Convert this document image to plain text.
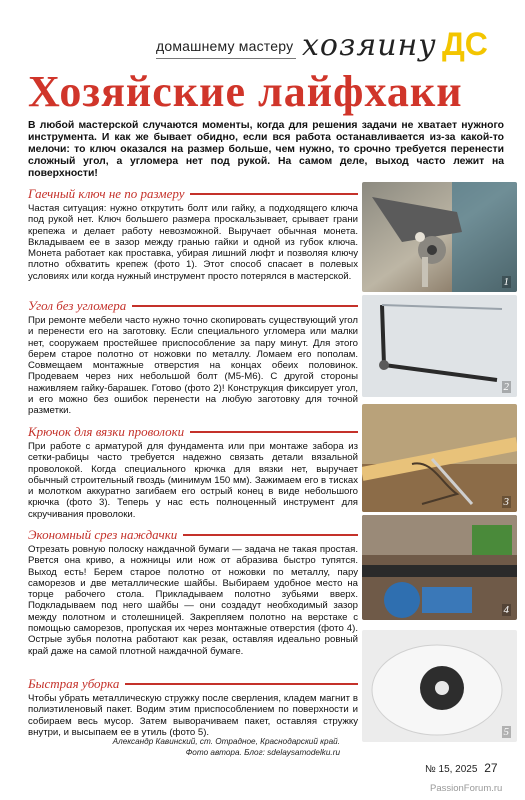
домашнему мастеру хозяину ДС
Хозяйские лайфхаки
В любой мастерской случаются моменты, когда для решения задачи не хватает нужного инструмента. И как же бывает обидно, если вся работа останавливается из-за какой-то мелочи: то ключ оказался на размер больше, чем нужно, то срочно требуется перенести сложный угол, а угломера нет под рукой. На самом деле, выход часто лежит на поверхности!
Гаечный ключ не по размеру

Частая ситуация: нужно открутить болт или гайку, а подходящего ключа под рукой нет. Ключ большего размера проскальзывает, срывает грани крепежа и делает работу невозможной. Выручает обычная монета. Вкладываем ее в зазор между гранью гайки и одной из губок ключа. Монета работает как проставка, убирая лишний люфт и позволяя ключу плотно обхватить крепеж (фото 1). Этот способ спасает в полевых условиях или когда нужный инструмент просто потерялся в мастерской.	1
Угол без угломера

При ремонте мебели часто нужно точно скопировать существующий угол и перенести его на заготовку. Если специального угломера или малки нет, сооружаем простейшее приспособление за пару минут. Для этого берем старое полотно от ножовки по металлу. Ломаем его пополам. Совмещаем монтажные отверстия на концах обеих половинок. Продеваем через них небольшой болт (М5-М6). С другой стороны наживляем гайку-барашек. Готово (фото 2)! Конструкция фиксирует угол, и его можно без ошибок перенести на любую заготовку для точной разметки.

2
Крючок для вязки проволоки

При работе с арматурой для фундамента или при монтаже забора из сетки-рабицы часто требуется надежно связать детали вязальной проволокой. Когда специального крючка для вязки нет, выручает обычный строительный гвоздь (минимум 150 мм). Зажимаем его в тисках и молотком аккуратно загибаем его острый конец в виде небольшого крючка (фото 3). Теперь у нас есть полноценный инструмент для скручивания проволоки.

3
Экономный срез наждачки

Отрезать ровную полоску наждачной бумаги — задача не такая простая. Рвется она криво, а ножницы или нож от абразива быстро тупятся. Выход есть! Берем старое полотно от ножовки по металлу, пару саморезов и две металлические шайбы. Выбираем удобное место на торце рабочего стола. Прикладываем полотно зубьями вверх. Подкладываем под него шайбы — они создадут необходимый зазор между полотном и столешницей. Закрепляем полотно на верстаке с помощью саморезов, пропуская их через монтажные отверстия (фото 4). Острые зубья полотна работают как резак, оставляя идеально ровный край даже на самой плотной наждачной бумаге.

4
Быстрая уборка

Чтобы убрать металлическую стружку после сверления, кладем магнит в полиэтиленовый пакет. Водим этим приспособлением по поверхности и собираем весь мусор. Затем выворачиваем пакет, оставляя стружку внутри, и высыпаем ее в утиль (фото 5).	5
Александр Кавинский, ст. Отрадное, Краснодарский край.
Фото автора. Блог: sdelaysamodelku.ru
№ 15, 2025 27
PassionForum.ru
